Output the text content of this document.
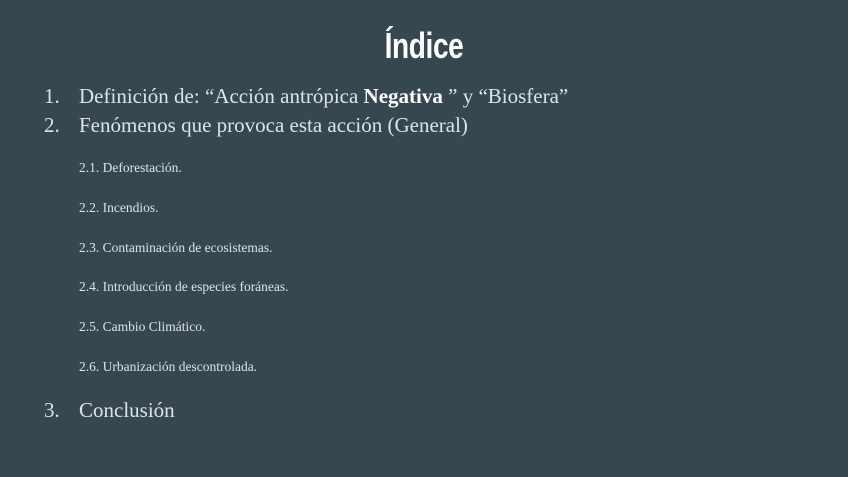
Índice
1. Definición de: “Acción antrópica Negativa ” y “Biosfera”
2. Fenómenos que provoca esta acción (General)
2.1. Deforestación.
2.2. Incendios.
2.3. Contaminación de ecosistemas.
2.4. Introducción de especies foráneas.
2.5. Cambio Climático.
2.6. Urbanización descontrolada.
3. Conclusión
